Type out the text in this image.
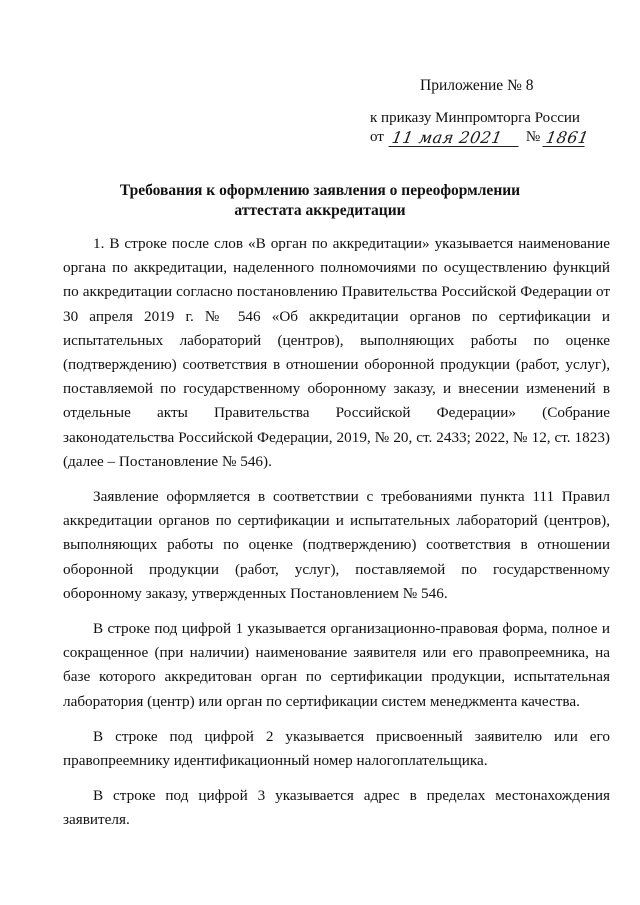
Приложение № 8
к приказу Минпромторга России
от 11 мая 2021	№ 1861
Требования к оформлению заявления о переоформлении
аттестата аккредитации

1. В строке после слов «В орган по аккредитации» указывается наименование органа по аккредитации, наделенного полномочиями по осуществлению функций по аккредитации согласно постановлению Правительства Российской Федерации от 30 апреля 2019 г. № 546 «Об аккредитации органов по сертификации и испытательных лабораторий (центров), выполняющих работы по оценке (подтверждению) соответствия в отношении оборонной продукции (работ, услуг), поставляемой по государственному оборонному заказу, и внесении изменений в отдельные акты Правительства Российской Федерации» (Собрание законодательства Российской Федерации, 2019, № 20, ст. 2433; 2022, № 12, ст. 1823) (далее – Постановление № 546).

Заявление оформляется в соответствии с требованиями пункта 111 Правил аккредитации органов по сертификации и испытательных лабораторий (центров), выполняющих работы по оценке (подтверждению) соответствия в отношении оборонной продукции (работ, услуг), поставляемой по государственному оборонному заказу, утвержденных Постановлением № 546.

В строке под цифрой 1 указывается организационно-правовая форма, полное и сокращенное (при наличии) наименование заявителя или его правопреемника, на базе которого аккредитован орган по сертификации продукции, испытательная лаборатория (центр) или орган по сертификации систем менеджмента качества.

В строке под цифрой 2 указывается присвоенный заявителю или его правопреемнику идентификационный номер налогоплательщика.

В строке под цифрой 3 указывается адрес в пределах местонахождения заявителя.
